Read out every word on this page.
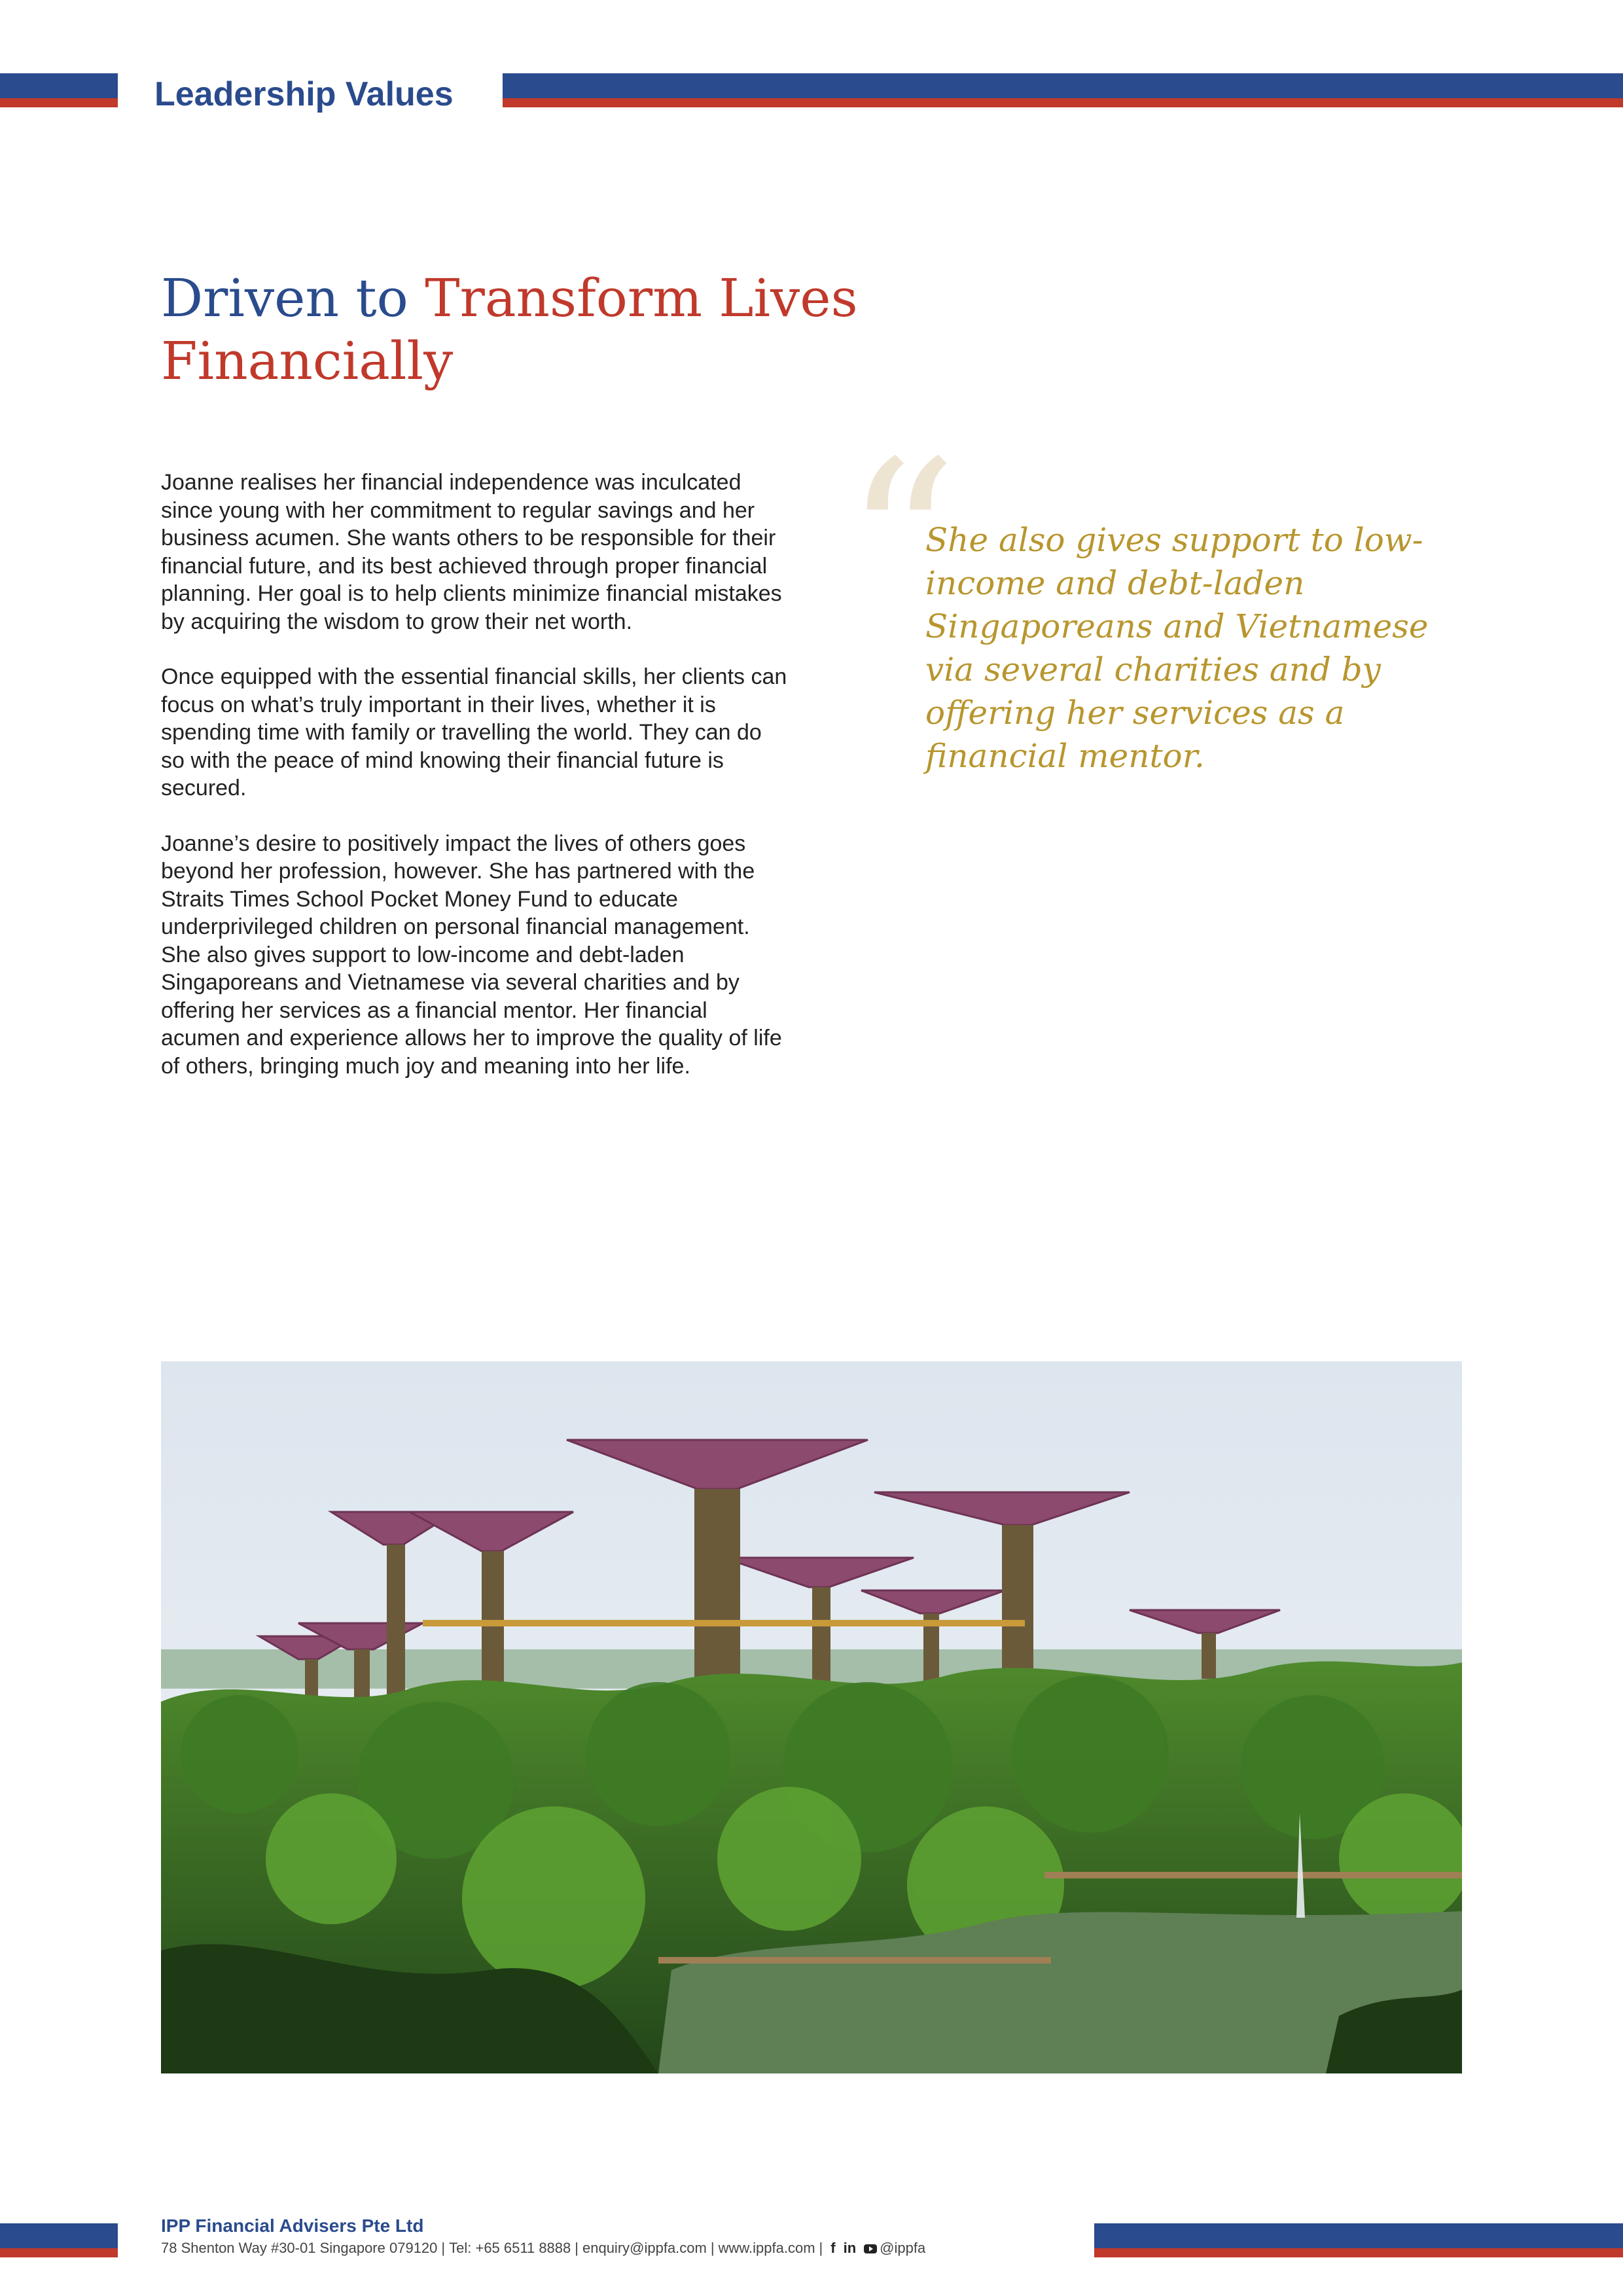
Leadership Values
Driven to Transform Lives Financially

Joanne realises her financial independence was inculcated since young with her commitment to regular savings and her business acumen. She wants others to be responsible for their financial future, and its best achieved through proper financial planning. Her goal is to help clients minimize financial mistakes by acquiring the wisdom to grow their net worth.

Once equipped with the essential financial skills, her clients can focus on what’s truly important in their lives, whether it is spending time with family or travelling the world. They can do so with the peace of mind knowing their financial future is secured.

Joanne’s desire to positively impact the lives of others goes beyond her profession, however. She has partnered with the Straits Times School Pocket Money Fund to educate underprivileged children on personal financial management. She also gives support to low-income and debt-laden Singaporeans and Vietnamese via several charities and by offering her services as a financial mentor. Her financial acumen and experience allows her to improve the quality of life of others, bringing much joy and meaning into her life.

“

She also gives support to low-income and debt-laden Singaporeans and Vietnamese via several charities and by offering her services as a financial mentor.

IPP Financial Advisers Pte Ltd

78 Shenton Way #30-01 Singapore 079120 | Tel: +65 6511 8888 | enquiry@ippfa.com | www.ippfa.com | f in @ippfa
